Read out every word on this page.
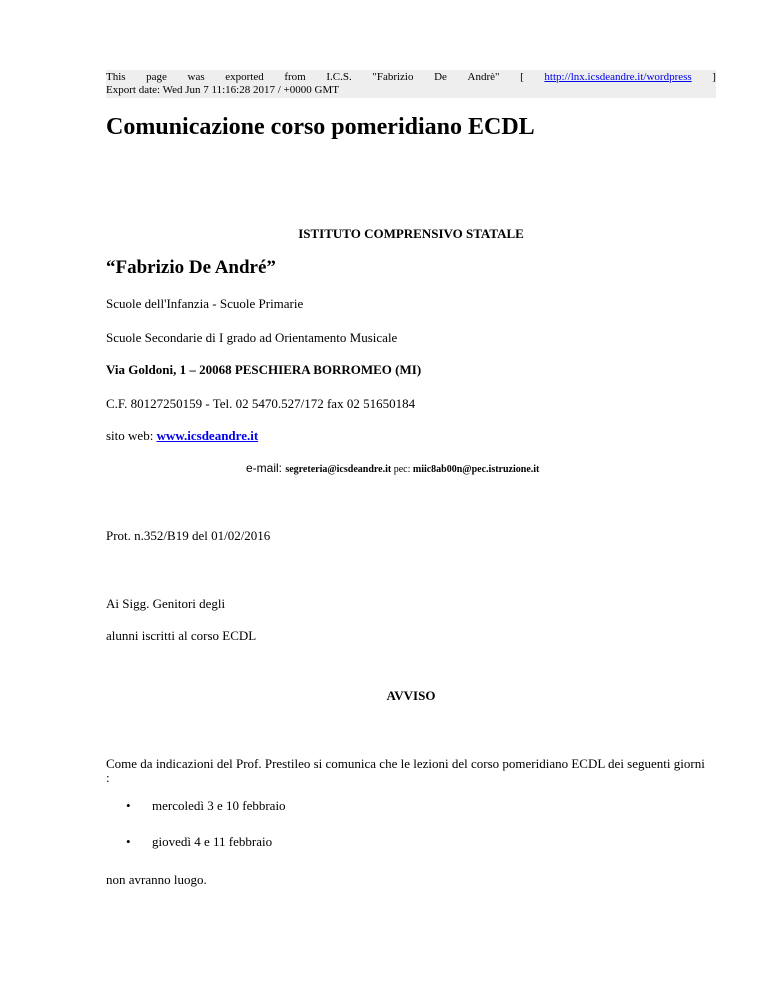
This page was exported from I.C.S. "Fabrizio De Andrè" [ http://lnx.icsdeandre.it/wordpress ]
Export date: Wed Jun 7 11:16:28 2017 / +0000 GMT
Comunicazione corso pomeridiano ECDL

ISTITUTO COMPRENSIVO STATALE

“Fabrizio De André”

Scuole dell'Infanzia - Scuole Primarie

Scuole Secondarie di I grado ad Orientamento Musicale

Via Goldoni, 1 – 20068 PESCHIERA BORROMEO (MI)

C.F. 80127250159 - Tel. 02 5470.527/172 fax 02 51650184

sito web: www.icsdeandre.it

e-mail: segreteria@icsdeandre.it pec: miic8ab00n@pec.istruzione.it

Prot. n.352/B19 del 01/02/2016

Ai Sigg. Genitori degli

alunni iscritti al corso ECDL

AVVISO

Come da indicazioni del Prof. Prestileo si comunica che le lezioni del corso pomeridiano ECDL dei seguenti giorni

:

• mercoledì 3 e 10 febbraio
• giovedì 4 e 11 febbraio

non avranno luogo.
